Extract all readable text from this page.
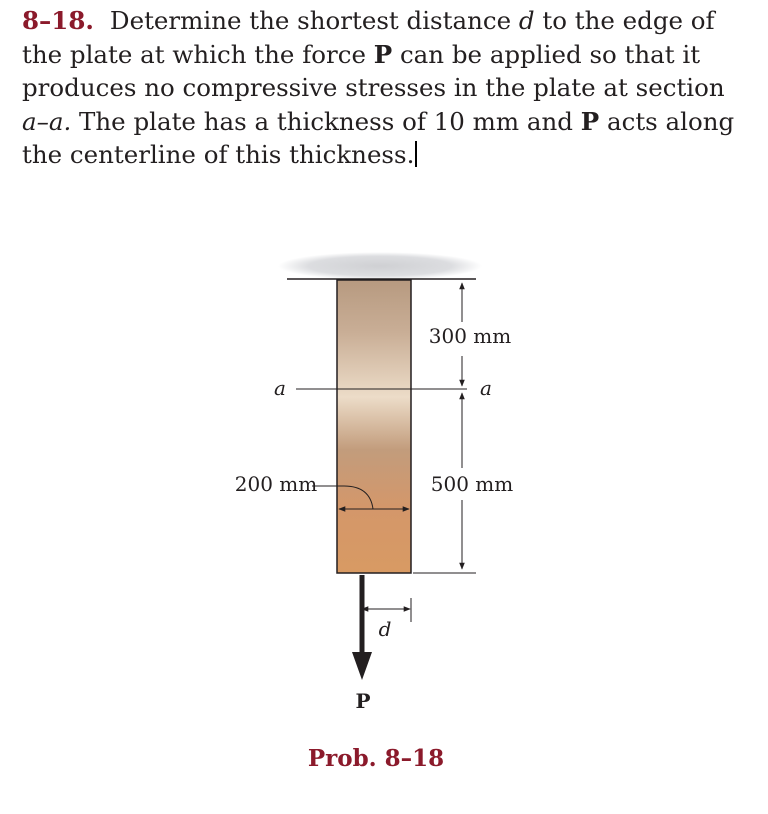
8–18. Determine the shortest distance d to the edge of the plate at which the force P can be applied so that it produces no compressive stresses in the plate at section a–a. The plate has a thickness of 10 mm and P acts along the centerline of this thickness.
a	a
300 mm
500 mm
200 mm
d
P
Prob. 8–18
